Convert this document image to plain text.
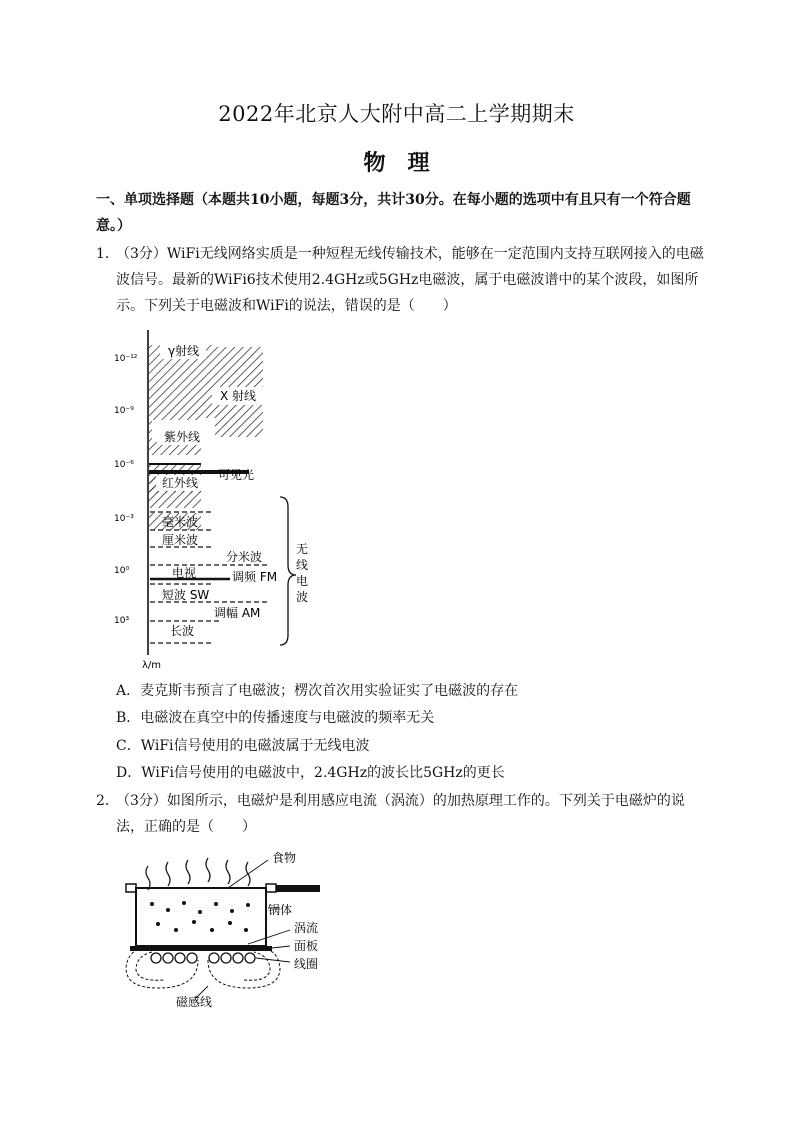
2022年北京人大附中高二上学期期末
物　理
一、单项选择题（本题共10小题，每题3分，共计30分。在每小题的选项中有且只有一个符合题意。）
1．
（3分）WiFi无线网络实质是一种短程无线传输技术，能够在一定范围内支持互联网接入的电磁波信号。最新的WiFi6技术使用2.4GHz或5GHz电磁波，属于电磁波谱中的某个波段，如图所示。下列关于电磁波和WiFi的说法，错误的是（　　）
10⁻¹²
10⁻⁹
10⁻⁶
10⁻³
10⁰
10³
γ射线
X 射线
紫外线
可见光
红外线
毫米波
厘米波
分米波
电视	调频 FM
短波 SW
调幅 AM
长波
无
线
电
波
λ/m
A．麦克斯韦预言了电磁波；楞次首次用实验证实了电磁波的存在
B．电磁波在真空中的传播速度与电磁波的频率无关
C．WiFi信号使用的电磁波属于无线电波
D．WiFi信号使用的电磁波中，2.4GHz的波长比5GHz的更长
2．
（3分）如图所示，电磁炉是利用感应电流（涡流）的加热原理工作的。下列关于电磁炉的说法，正确的是（　　）
食物
锅体
涡流
面板
线圈
磁感线
